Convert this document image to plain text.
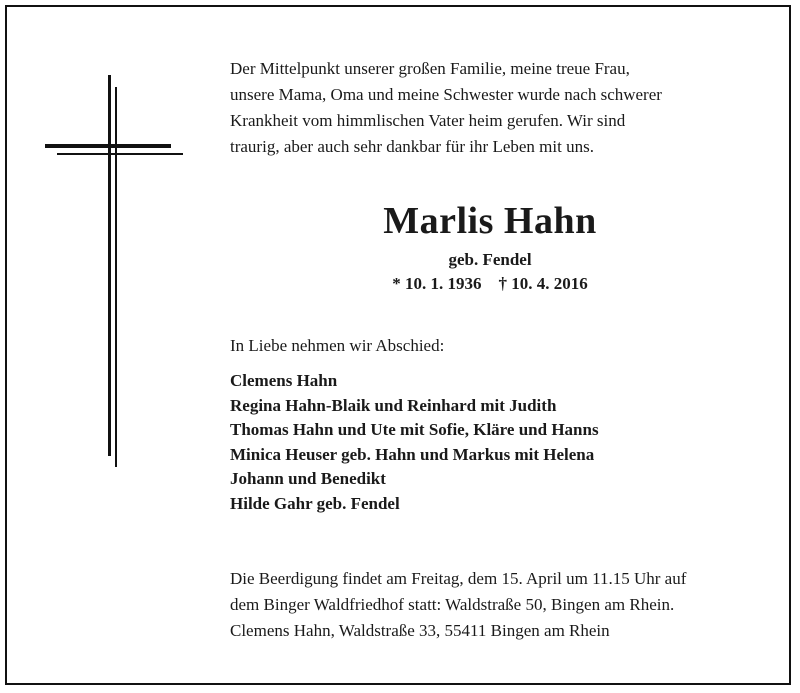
Der Mittelpunkt unserer großen Familie, meine treue Frau,

unsere Mama, Oma und meine Schwester wurde nach schwerer

Krankheit vom himmlischen Vater heim gerufen. Wir sind

traurig, aber auch sehr dankbar für ihr Leben mit uns.

Marlis Hahn
geb. Fendel
* 10. 1. 1936    † 10. 4. 2016
In Liebe nehmen wir Abschied:
Clemens Hahn
Regina Hahn-Blaik und Reinhard mit Judith
Thomas Hahn und Ute mit Sofie, Kläre und Hanns
Minica Heuser geb. Hahn und Markus mit Helena
Johann und Benedikt
Hilde Gahr geb. Fendel

Die Beerdigung findet am Freitag, dem 15. April um 11.15 Uhr auf

dem Binger Waldfriedhof statt: Waldstraße 50, Bingen am Rhein.

Clemens Hahn, Waldstraße 33, 55411 Bingen am Rhein
